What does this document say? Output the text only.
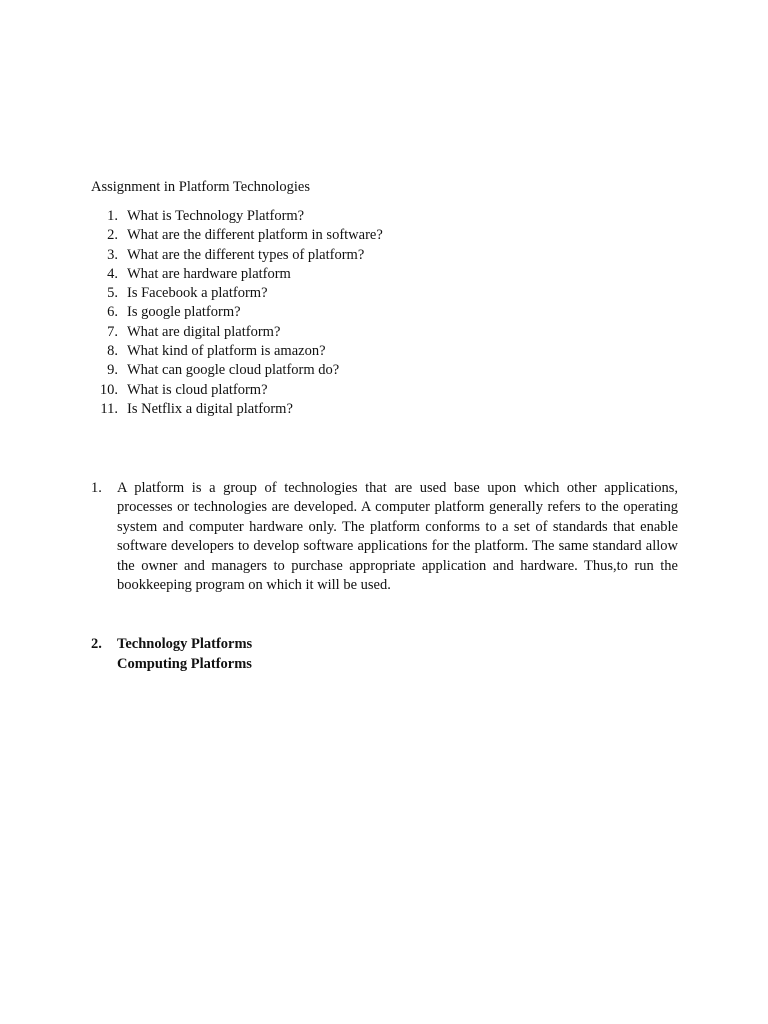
Assignment in Platform Technologies
1. What is Technology Platform?
2. What are the different platform in software?
3. What are the different types of platform?
4. What are hardware platform
5. Is Facebook a platform?
6. Is google platform?
7. What are digital platform?
8. What kind of platform is amazon?
9. What can google cloud platform do?
10. What is cloud platform?
11. Is Netflix a digital platform?
1.	A platform is a group of technologies that are used base upon which other applications, processes or technologies are developed. A computer platform generally refers to the operating system and computer hardware only. The platform conforms to a set of standards that enable software developers to develop software applications for the platform. The same standard allow the owner and managers to purchase appropriate application and hardware. Thus,to run the bookkeeping program on which it will be used.
2.	Technology Platforms
Computing Platforms
